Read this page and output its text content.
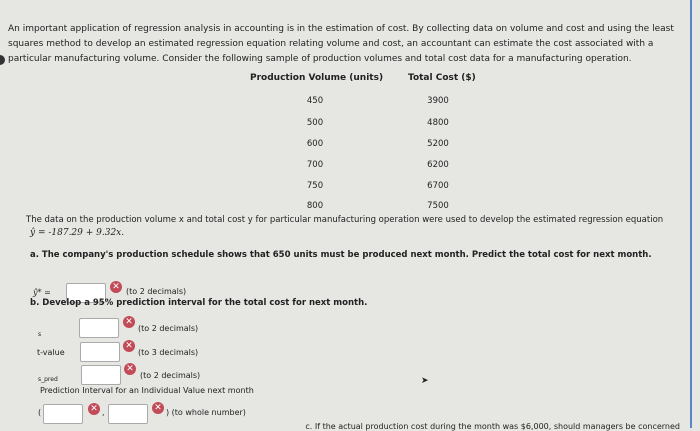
An important application of regression analysis in accounting is in the estimation of cost. By collecting data on volume and cost and using the least squares method to develop an estimated regression equation relating volume and cost, an accountant can estimate the cost associated with a particular manufacturing volume. Consider the following sample of production volumes and total cost data for a manufacturing operation.
Production Volume (units)	Total Cost ($)
450	3900
500	4800
600	5200
700	6200
750	6700
800	7500
The data on the production volume x and total cost y for particular manufacturing operation were used to develop the estimated regression equation
ŷ = -187.29 + 9.32x.
a. The company's production schedule shows that 650 units must be produced next month. Predict the total cost for next month.
ŷ* =
✕ (to 2 decimals)
b. Develop a 95% prediction interval for the total cost for next month.
s
✕
(to 2 decimals)
t-value
✕
(to 3 decimals)
s_pred
✕
(to 2 decimals)
Prediction Interval for an Individual Value next month
(	✕ ,	✕ ) (to whole number)
c. If the actual production cost during the month was $6,000, should managers be concerned
➤
